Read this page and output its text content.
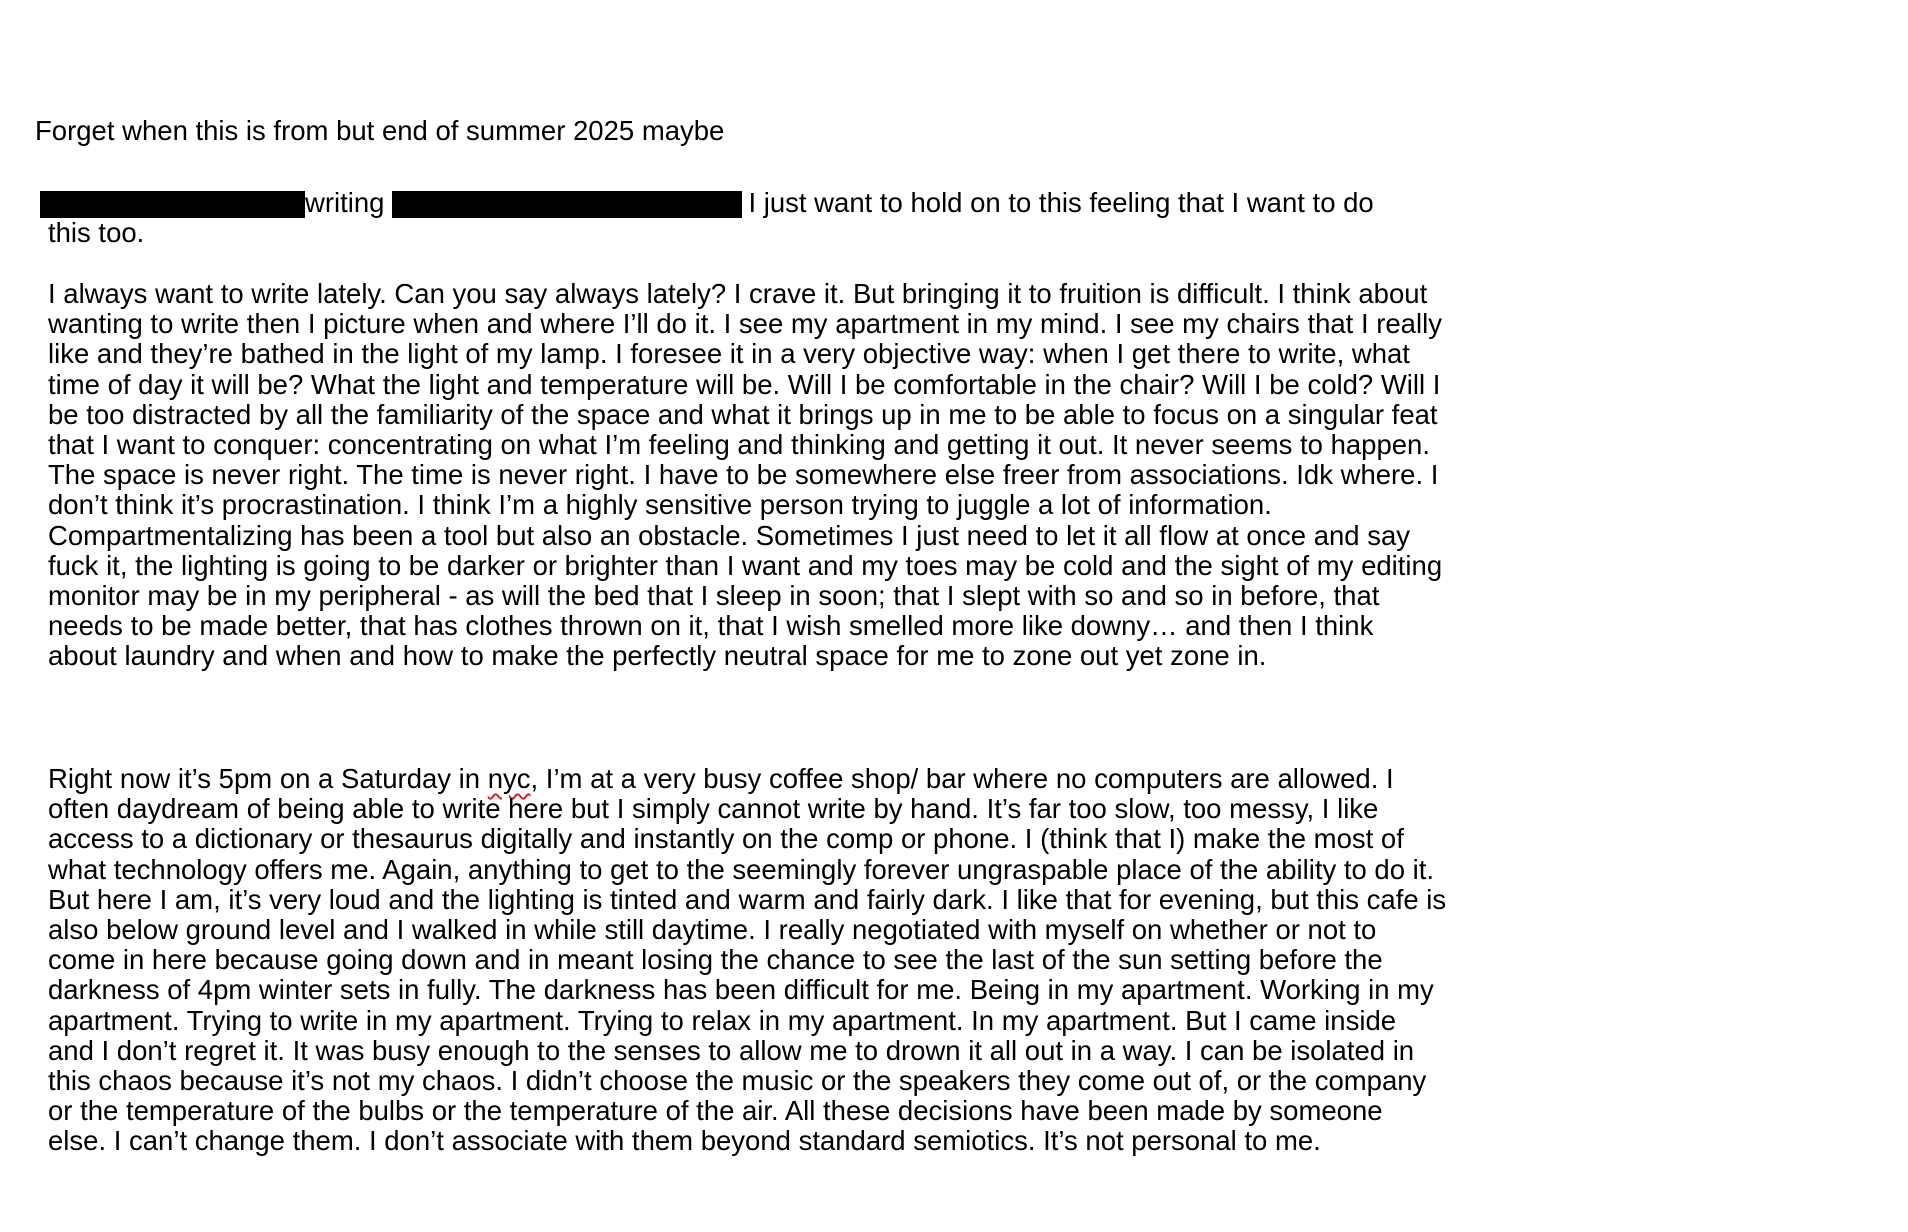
Forget when this is from but end of summer 2025 maybe
writing	I just want to hold on to this feeling that I want to do
this too.
I always want to write lately. Can you say always lately? I crave it. But bringing it to fruition is difficult. I think about wanting to write then I picture when and where I’ll do it. I see my apartment in my mind. I see my chairs that I really like and they’re bathed in the light of my lamp. I foresee it in a very objective way: when I get there to write, what time of day it will be? What the light and temperature will be. Will I be comfortable in the chair? Will I be cold? Will I be too distracted by all the familiarity of the space and what it brings up in me to be able to focus on a singular feat that I want to conquer: concentrating on what I’m feeling and thinking and getting it out. It never seems to happen. The space is never right. The time is never right. I have to be somewhere else freer from associations. Idk where. I don’t think it’s procrastination. I think I’m a highly sensitive person trying to juggle a lot of information. Compartmentalizing has been a tool but also an obstacle. Sometimes I just need to let it all flow at once and say fuck it, the lighting is going to be darker or brighter than I want and my toes may be cold and the sight of my editing monitor may be in my peripheral - as will the bed that I sleep in soon; that I slept with so and so in before, that needs to be made better, that has clothes thrown on it, that I wish smelled more like downy… and then I think about laundry and when and how to make the perfectly neutral space for me to zone out yet zone in.
Right now it’s 5pm on a Saturday in nyc, I’m at a very busy coffee shop/ bar where no computers are allowed. I often daydream of being able to write here but I simply cannot write by hand. It’s far too slow, too messy, I like access to a dictionary or thesaurus digitally and instantly on the comp or phone. I (think that I) make the most of what technology offers me. Again, anything to get to the seemingly forever ungraspable place of the ability to do it. But here I am, it’s very loud and the lighting is tinted and warm and fairly dark. I like that for evening, but this cafe is also below ground level and I walked in while still daytime. I really negotiated with myself on whether or not to come in here because going down and in meant losing the chance to see the last of the sun setting before the darkness of 4pm winter sets in fully. The darkness has been difficult for me. Being in my apartment. Working in my apartment. Trying to write in my apartment. Trying to relax in my apartment. In my apartment. But I came inside and I don’t regret it. It was busy enough to the senses to allow me to drown it all out in a way. I can be isolated in this chaos because it’s not my chaos. I didn’t choose the music or the speakers they come out of, or the company or the temperature of the bulbs or the temperature of the air. All these decisions have been made by someone else. I can’t change them. I don’t associate with them beyond standard semiotics. It’s not personal to me.
